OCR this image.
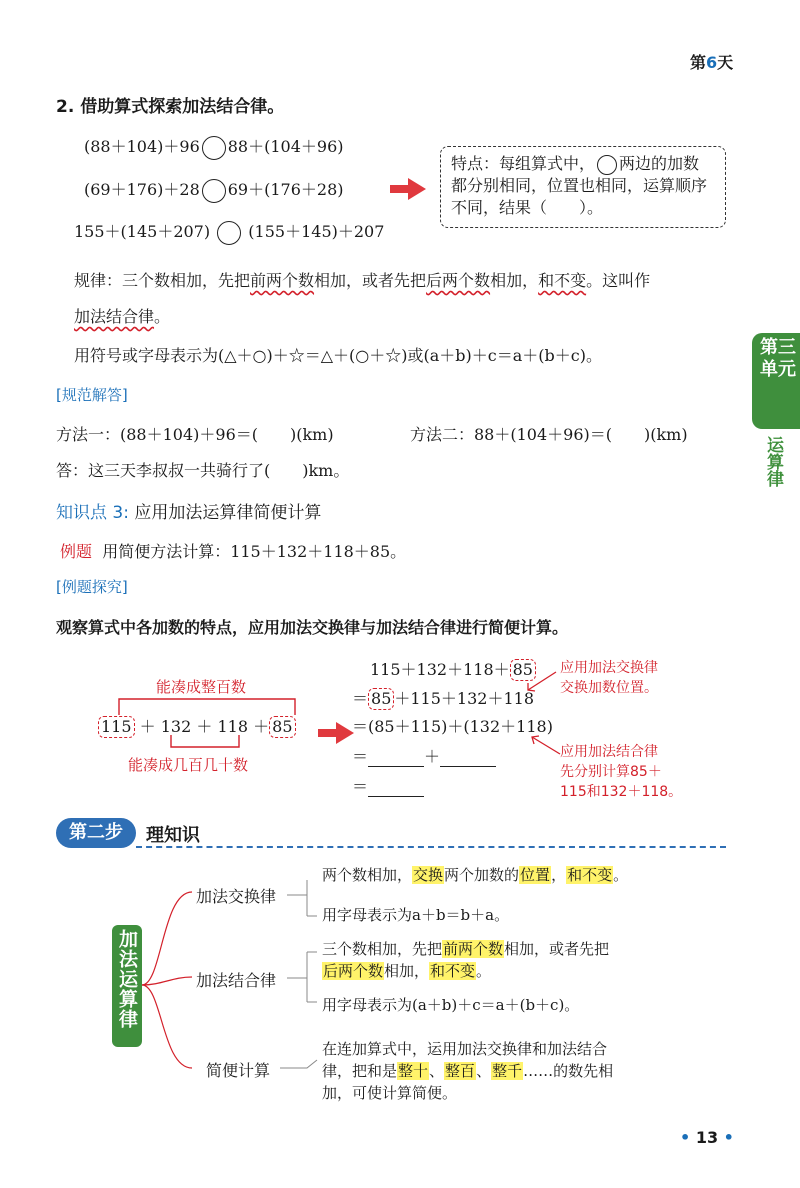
第6天
2. 借助算式探索加法结合律。
(88＋104)＋96 88＋(104＋96)
(69＋176)＋28 69＋(176＋28)
155＋(145＋207) (155＋145)＋207
特点：每组算式中， 两边的加数都分别相同，位置也相同，运算顺序不同，结果（　　）。
规律：三个数相加，先把前两个数相加，或者先把后两个数相加，和不变。这叫作
加法结合律。
用符号或字母表示为(△＋○)＋☆＝△＋(○＋☆)或(a＋b)＋c＝a＋(b＋c)。
[规范解答]
方法一：(88＋104)＋96＝(　　)(km)	方法二：88＋(104＋96)＝(　　)(km)
答：这三天李叔叔一共骑行了(　　)km。
知识点 3: 应用加法运算律简便计算
例题 用简便方法计算：115＋132＋118＋85。
[例题探究]
观察算式中各加数的特点，应用加法交换律与加法结合律进行简便计算。
能凑成整百数
115 ＋ 132 ＋ 118 ＋ 85
能凑成几百几十数
115＋132＋118＋ 85
＝ 85 ＋115＋132＋118
＝(85＋115)＋(132＋118)
＝	＋
＝
应用加法交换律
交换加数位置。
应用加法结合律
先分别计算85＋
115和132＋118。
第二步	理知识
加法运算律
加法交换律
加法结合律
简便计算
两个数相加，交换两个加数的位置，和不变。
用字母表示为a＋b＝b＋a。
三个数相加，先把前两个数相加，或者先把
后两个数相加，和不变。
用字母表示为(a＋b)＋c＝a＋(b＋c)。
在连加算式中，运用加法交换律和加法结合
律，把和是整十、整百、整千……的数先相
加，可使计算简便。
第三单元
运算律
• 13 •
